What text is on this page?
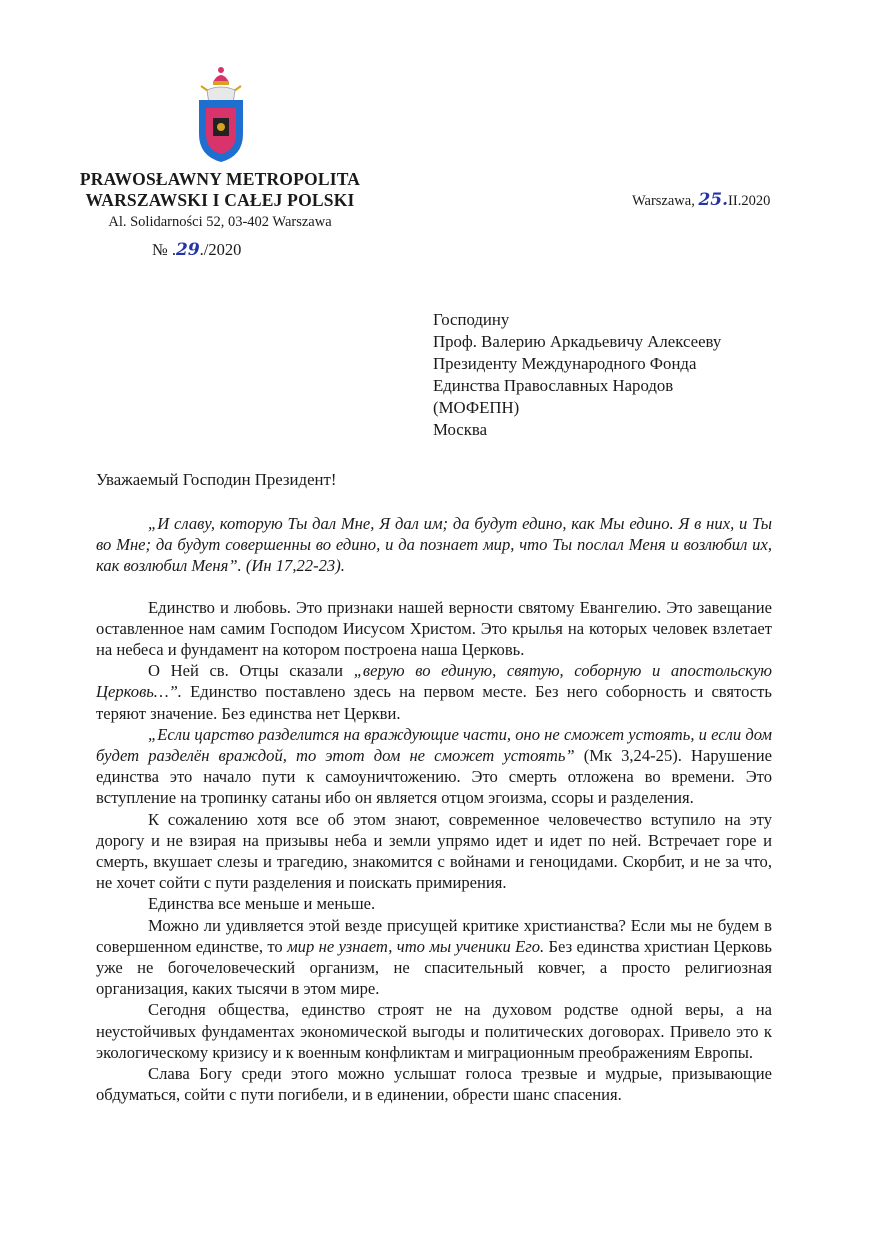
PRAWOSŁAWNY METROPOLITA
WARSZAWSKI I CAŁEJ POLSKI
Al. Solidarności 52, 03-402 Warszawa
№ .29./2020
Warszawa, 25.II.2020
Господину
Проф. Валерию Аркадьевичу Алексееву
Президенту Международного Фонда
Единства Православных Народов
(МОФЕПН)
Москва
Уважаемый Господин Президент!

„И славу, которую Ты дал Мне, Я дал им; да будут едино, как Мы едино. Я в них, и Ты во Мне; да будут совершенны во едино, и да познает мир, что Ты послал Меня и возлюбил их, как возлюбил Меня”. (Ин 17,22-23).

Единство и любовь. Это признаки нашей верности святому Евангелию. Это завещание оставленное нам самим Господом Иисусом Христом. Это крылья на которых человек взлетает на небеса и фундамент на котором построена наша Церковь.

О Ней св. Отцы сказали „верую во единую, святую, соборную и апостольскую Церковь…”. Единство поставлено здесь на первом месте. Без него соборность и святость теряют значение. Без единства нет Церкви.

„Если царство разделится на враждующие части, оно не сможет устоять, и если дом будет разделён враждой, то этот дом не сможет устоять” (Мк 3,24-25). Нарушение единства это начало пути к самоуничтожению. Это смерть отложена во времени. Это вступление на тропинку сатаны ибо он является отцом эгоизма, ссоры и разделения.

К сожалению хотя все об этом знают, современное человечество вступило на эту дорогу и не взирая на призывы неба и земли упрямо идет и идет по ней. Встречает горе и смерть, вкушает слезы и трагедию, знакомится с войнами и геноцидами. Скорбит, и не за что, не хочет сойти с пути разделения и поискать примирения.

Единства все меньше и меньше.

Можно ли удивляется этой везде присущей критике христианства? Если мы не будем в совершенном единстве, то мир не узнает, что мы ученики Его. Без единства христиан Церковь уже не богочеловеческий организм, не спасительный ковчег, а просто религиозная организация, каких тысячи в этом мире.

Сегодня общества, единство строят не на духовом родстве одной веры, а на неустойчивых фундаментах экономической выгоды и политических договорах. Привело это к экологическому кризису и к военным конфликтам и миграционным преображениям Европы.

Слава Богу среди этого можно услышат голоса трезвые и мудрые, призывающие обдуматься, сойти с пути погибели, и в единении, обрести шанс спасения.
